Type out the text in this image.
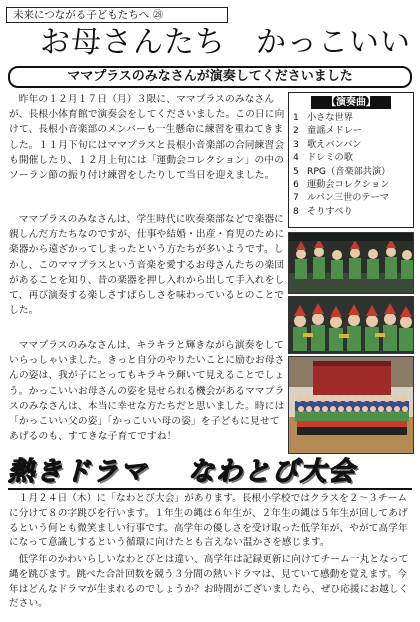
未来につながる子どもたちへ ㉘
お母さんたち かっこいい
ママプラスのみなさんが演奏してくださいました
昨年の１２月１７日（月）３限に、ママプラスのみなさんが、長根小体育館で演奏会をしてくださいました。この日に向けて、長根小音楽部のメンバーも一生懸命に練習を重ねてきました。１１月下旬にはママプラスと長根小音楽部の合同練習会も開催したり、１２月上旬には「運動会コレクション」の中のソーラン節の振り付け練習をしたりして当日を迎えました。
ママプラスのみなさんは、学生時代に吹奏楽部などで楽器に親しんだ方たちなのですが、仕事や結婚・出産・育児のために楽器から遠ざかってしまったという方たちが多いようです。しかし、このママプラスという音楽を愛するお母さんたちの楽団があることを知り、昔の楽器を押し入れから出して手入れをして、再び演奏する楽しさすばらしさを味わっているとのことでした。
ママプラスのみなさんは、キラキラと輝きながら演奏をしていらっしゃいました。きっと自分のやりたいことに励むお母さんの姿は、我が子にとってもキラキラ輝いて見えることでしょう。かっこいいお母さんの姿を見せられる機会があるママプラスのみなさんは、本当に幸せな方たちだと思いました。時には「かっこいい父の姿」「かっこいい母の姿」を子どもに見せてあげるのも、すてきな子育てですね！
【演奏曲】
1 小さな世界
2 童謡メドレー
3 歌えバンバン
4 ドレミの歌
5 RPG（音楽部共演）
6 運動会コレクション
7 ルパン三世のテーマ
8 そりすべり
熱きドラマ なわとび大会
１月２４日（木）に「なわとび大会」があります。長根小学校ではクラスを２～３チームに分けて８の字跳びを行います。１年生の縄は６年生が、２年生の縄は５年生が回してあげるという何とも微笑ましい行事です。高学年の優しさを受け取った低学年が、やがて高学年になって意識しするという循環に向けたとも言えない温かさを感じます。
低学年のかわいらしいなわとびとは違い、高学年は記録更新に向けてチーム一丸となって縄を跳びます。跳べた合計回数を競う３分間の熱いドラマは、見ていて感動を覚えます。今年はどんなドラマが生まれるのでしょうか？お時間がございましたら、ぜひ応援にお越しください。
